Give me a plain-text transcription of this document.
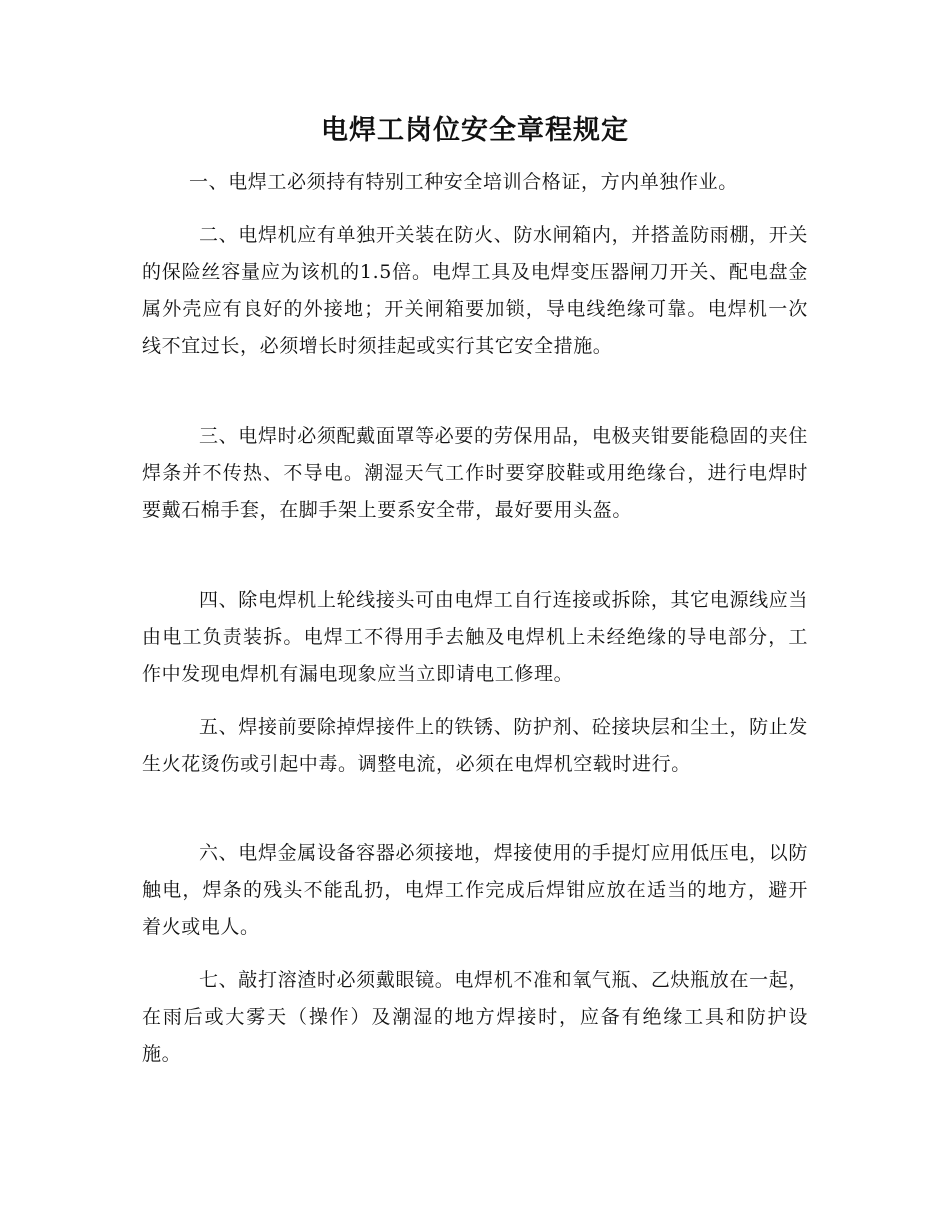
电焊工岗位安全章程规定

一、电焊工必须持有特别工种安全培训合格证，方内单独作业。

二、电焊机应有单独开关装在防火、防水闸箱内，并搭盖防雨棚，开关的保险丝容量应为该机的1.5倍。电焊工具及电焊变压器闸刀开关、配电盘金属外壳应有良好的外接地；开关闸箱要加锁，导电线绝缘可靠。电焊机一次线不宜过长，必须增长时须挂起或实行其它安全措施。

三、电焊时必须配戴面罩等必要的劳保用品，电极夹钳要能稳固的夹住焊条并不传热、不导电。潮湿天气工作时要穿胶鞋或用绝缘台，进行电焊时要戴石棉手套，在脚手架上要系安全带，最好要用头盔。

四、除电焊机上轮线接头可由电焊工自行连接或拆除，其它电源线应当由电工负责装拆。电焊工不得用手去触及电焊机上未经绝缘的导电部分，工作中发现电焊机有漏电现象应当立即请电工修理。

五、焊接前要除掉焊接件上的铁锈、防护剂、砼接块层和尘土，防止发生火花烫伤或引起中毒。调整电流，必须在电焊机空载时进行。

六、电焊金属设备容器必须接地，焊接使用的手提灯应用低压电，以防触电，焊条的残头不能乱扔，电焊工作完成后焊钳应放在适当的地方，避开着火或电人。

七、敲打溶渣时必须戴眼镜。电焊机不准和氧气瓶、乙炔瓶放在一起，在雨后或大雾天（操作）及潮湿的地方焊接时，应备有绝缘工具和防护设施。
